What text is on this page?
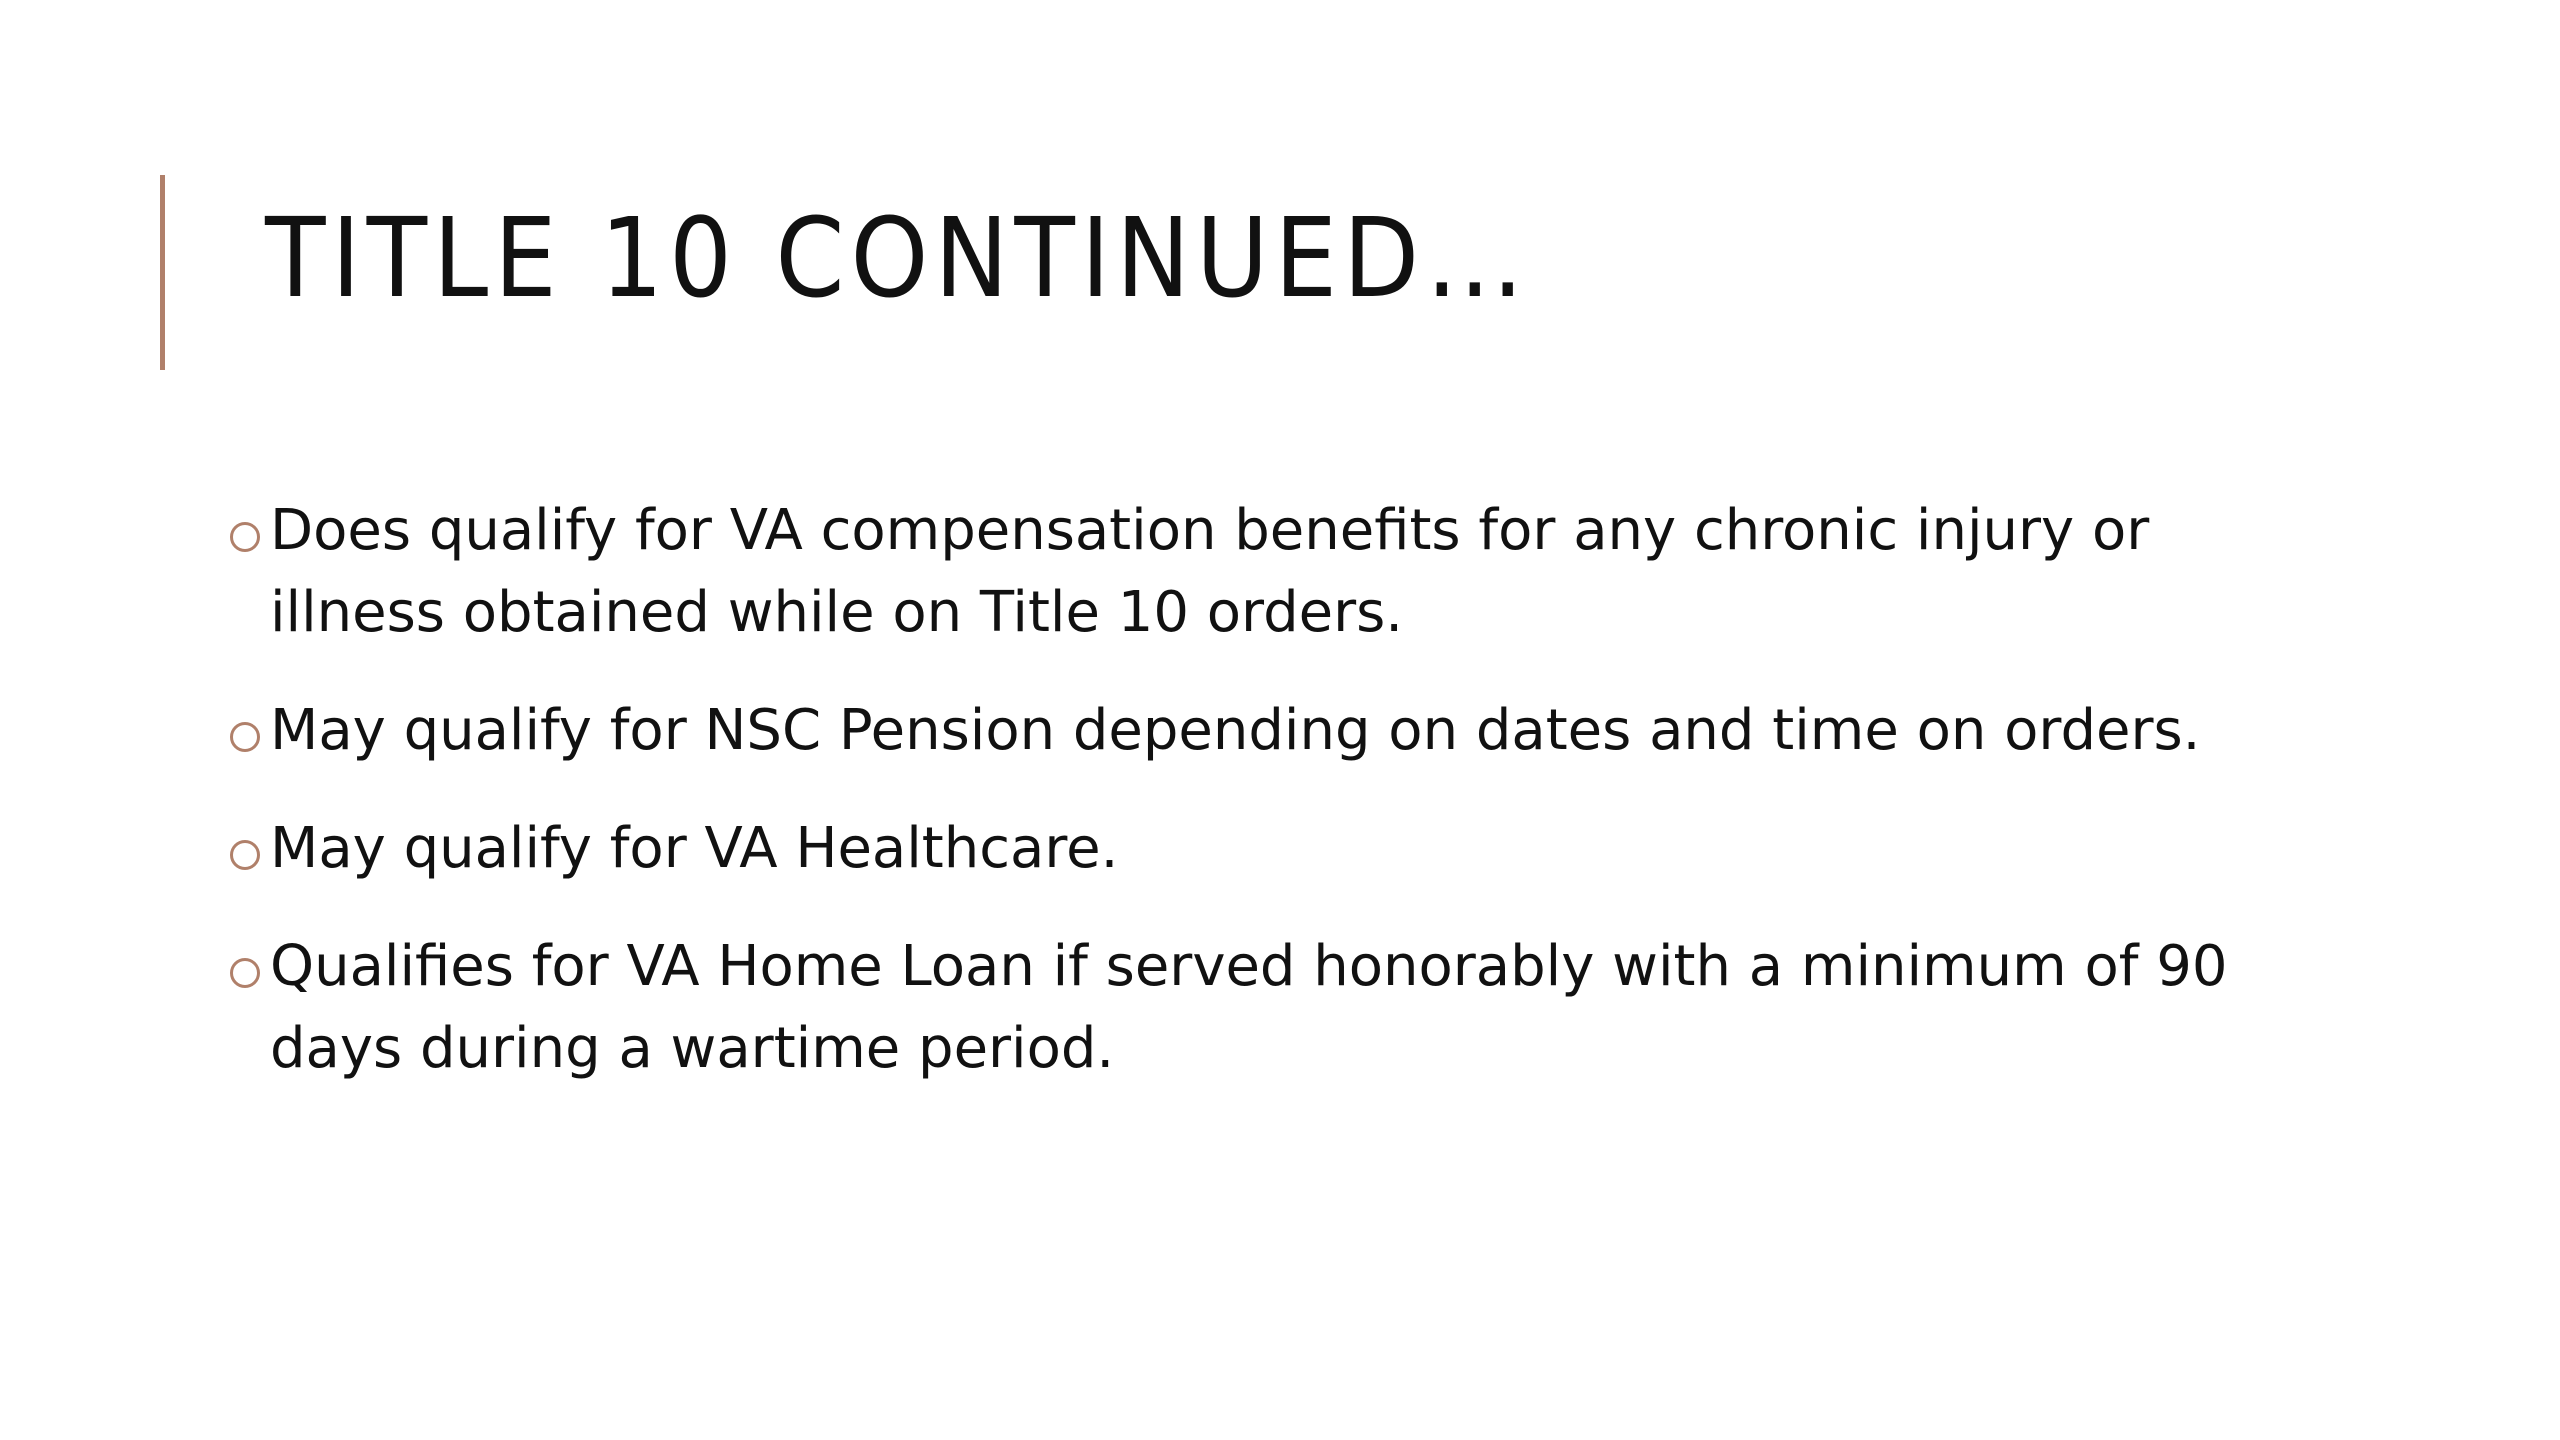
TITLE 10 CONTINUED…
Does qualify for VA compensation benefits for any chronic injury or illness obtained while on Title 10 orders.
May qualify for NSC Pension depending on dates and time on orders.
May qualify for VA Healthcare.
Qualifies for VA Home Loan if served honorably with a minimum of 90 days during a wartime period.
